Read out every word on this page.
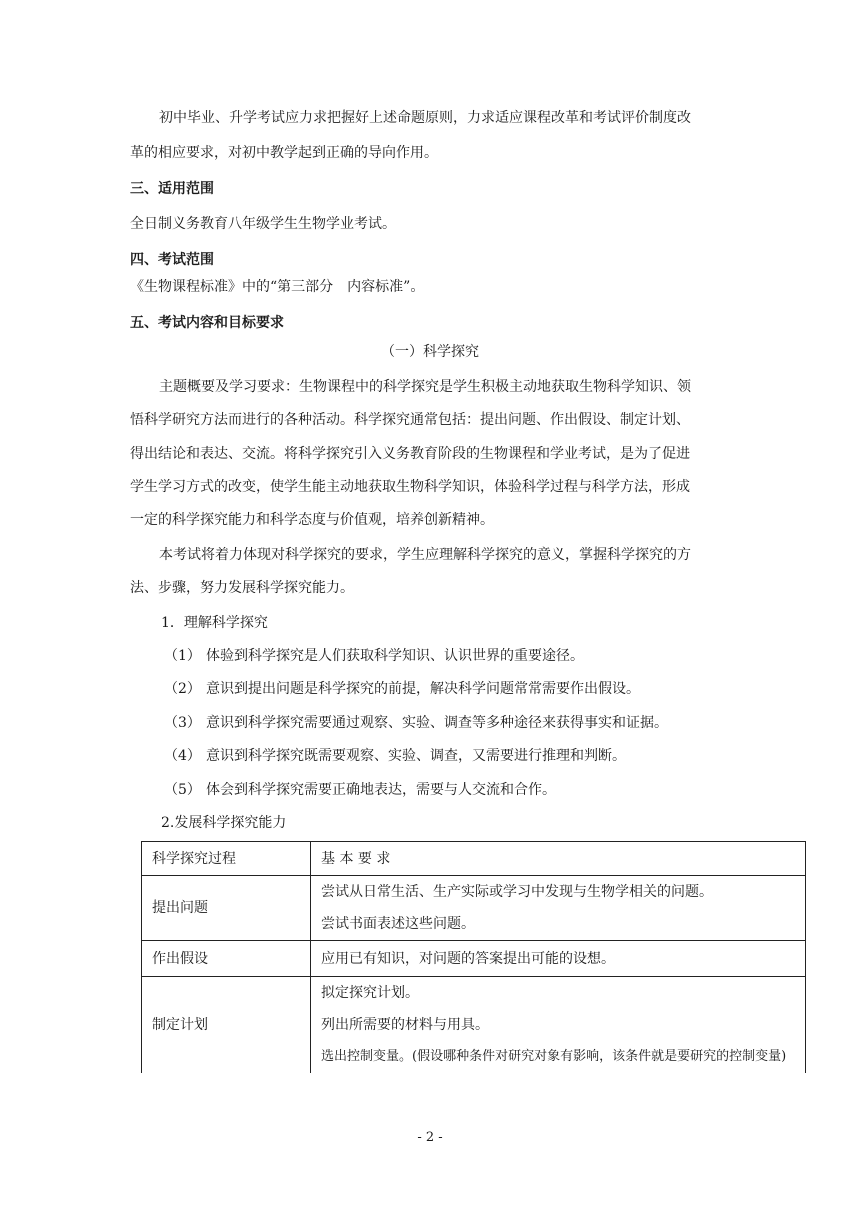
初中毕业、升学考试应力求把握好上述命题原则，力求适应课程改革和考试评价制度改
革的相应要求，对初中教学起到正确的导向作用。
三、适用范围
全日制义务教育八年级学生生物学业考试。
四、考试范围
《生物课程标准》中的“第三部分　内容标准”。
五、考试内容和目标要求
（一）科学探究
主题概要及学习要求：生物课程中的科学探究是学生积极主动地获取生物科学知识、领
悟科学研究方法而进行的各种活动。科学探究通常包括：提出问题、作出假设、制定计划、
得出结论和表达、交流。将科学探究引入义务教育阶段的生物课程和学业考试，是为了促进
学生学习方式的改变，使学生能主动地获取生物科学知识，体验科学过程与科学方法，形成
一定的科学探究能力和科学态度与价值观，培养创新精神。
本考试将着力体现对科学探究的要求，学生应理解科学探究的意义，掌握科学探究的方
法、步骤，努力发展科学探究能力。
1．理解科学探究
（1） 体验到科学探究是人们获取科学知识、认识世界的重要途径。
（2） 意识到提出问题是科学探究的前提，解决科学问题常常需要作出假设。
（3） 意识到科学探究需要通过观察、实验、调查等多种途径来获得事实和证据。
（4） 意识到科学探究既需要观察、实验、调查，又需要进行推理和判断。
（5） 体会到科学探究需要正确地表达，需要与人交流和合作。
2.发展科学探究能力
科学探究过程	基 本 要 求
提出问题	尝试从日常生活、生产实际或学习中发现与生物学相关的问题。
尝试书面表述这些问题。

作出假设	应用已有知识，对问题的答案提出可能的设想。

制定计划	拟定探究计划。
列出所需要的材料与用具。
选出控制变量。(假设哪种条件对研究对象有影响，该条件就是要研究的控制变量)
- 2 -
